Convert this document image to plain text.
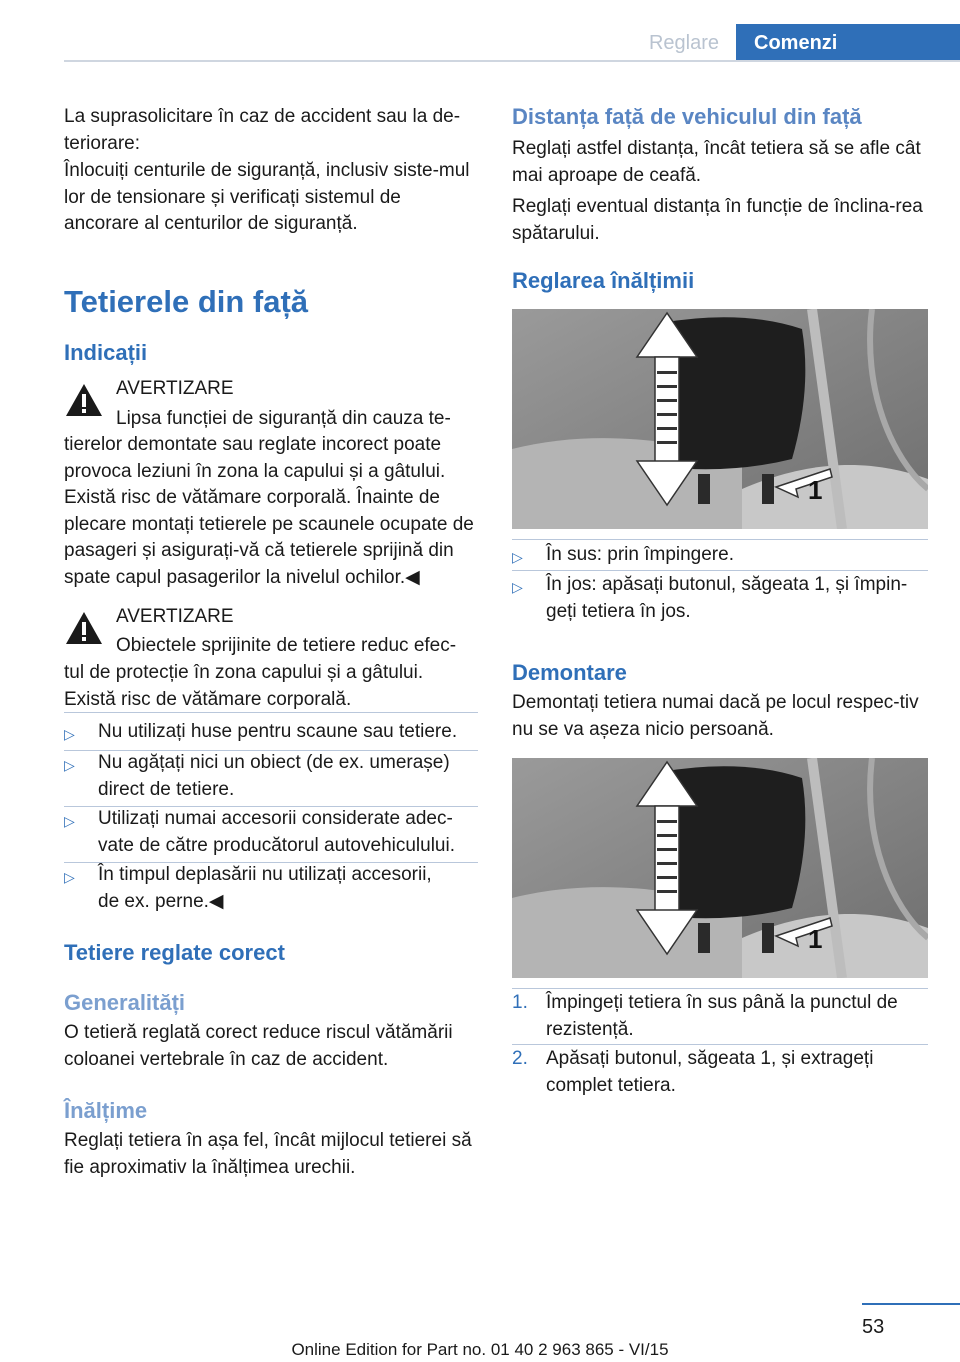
Reglare	Comenzi

La suprasolicitare în caz de accident sau la de‐teriorare:

Înlocuiți centurile de siguranță, inclusiv siste‐mul lor de tensionare și verificați sistemul de ancorare al centurilor de siguranță.

Tetierele din față
Indicații
AVERTIZARE
Lipsa funcției de siguranță din cauza te‐

tierelor demontate sau reglate incorect poate provoca leziuni în zona la capului și a gâtului. Există risc de vătămare corporală. Înainte de plecare montați tetierele pe scaunele ocupate de pasageri și asigurați-vă că tetierele sprijină din spate capul pasagerilor la nivelul ochilor.◀

AVERTIZARE
Obiectele sprijinite de tetiere reduc efec‐

tul de protecție în zona capului și a gâtului. Există risc de vătămare corporală.

▷ Nu utilizați huse pentru scaune sau tetiere.
▷ Nu agățați nici un obiect (de ex. umerașe) direct de tetiere.
▷ Utilizați numai accesorii considerate adec‐vate de către producătorul autovehiculului.
▷ În timpul deplasării nu utilizați accesorii, de ex. perne.◀
Tetiere reglate corect
Generalități

O tetieră reglată corect reduce riscul vătămării coloanei vertebrale în caz de accident.

Înălțime

Reglați tetiera în așa fel, încât mijlocul tetierei să fie aproximativ la înălțimea urechii.

Distanța față de vehiculul din față

Reglați astfel distanța, încât tetiera să se afle cât mai aproape de ceafă.

Reglați eventual distanța în funcție de înclina‐rea spătarului.

Reglarea înălțimii
1
▷ În sus: prin împingere.
▷ În jos: apăsați butonul, săgeata 1, și împin‐geți tetiera în jos.
Demontare

Demontați tetiera numai dacă pe locul respec‐tiv nu se va așeza nicio persoană.

1
1. Împingeți tetiera în sus până la punctul de rezistență.
2. Apăsați butonul, săgeata 1, și extrageți complet tetiera.
53
Online Edition for Part no. 01 40 2 963 865 - VI/15
